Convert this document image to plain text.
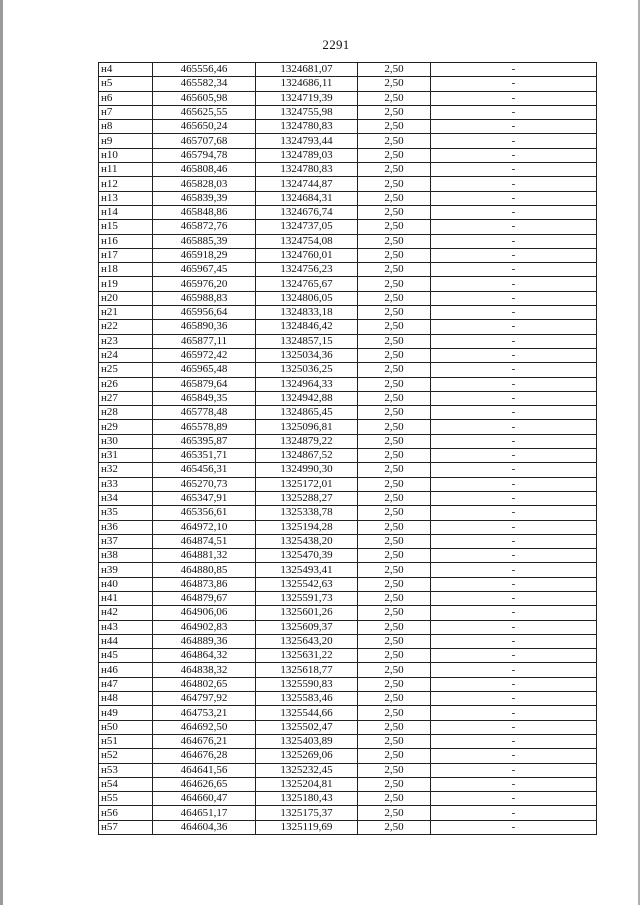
2291
н4	465556,46	1324681,07	2,50	-
н5	465582,34	1324686,11	2,50	-
н6	465605,98	1324719,39	2,50	-
н7	465625,55	1324755,98	2,50	-
н8	465650,24	1324780,83	2,50	-
н9	465707,68	1324793,44	2,50	-
н10	465794,78	1324789,03	2,50	-
н11	465808,46	1324780,83	2,50	-
н12	465828,03	1324744,87	2,50	-
н13	465839,39	1324684,31	2,50	-
н14	465848,86	1324676,74	2,50	-
н15	465872,76	1324737,05	2,50	-
н16	465885,39	1324754,08	2,50	-
н17	465918,29	1324760,01	2,50	-
н18	465967,45	1324756,23	2,50	-
н19	465976,20	1324765,67	2,50	-
н20	465988,83	1324806,05	2,50	-
н21	465956,64	1324833,18	2,50	-
н22	465890,36	1324846,42	2,50	-
н23	465877,11	1324857,15	2,50	-
н24	465972,42	1325034,36	2,50	-
н25	465965,48	1325036,25	2,50	-
н26	465879,64	1324964,33	2,50	-
н27	465849,35	1324942,88	2,50	-
н28	465778,48	1324865,45	2,50	-
н29	465578,89	1325096,81	2,50	-
н30	465395,87	1324879,22	2,50	-
н31	465351,71	1324867,52	2,50	-
н32	465456,31	1324990,30	2,50	-
н33	465270,73	1325172,01	2,50	-
н34	465347,91	1325288,27	2,50	-
н35	465356,61	1325338,78	2,50	-
н36	464972,10	1325194,28	2,50	-
н37	464874,51	1325438,20	2,50	-
н38	464881,32	1325470,39	2,50	-
н39	464880,85	1325493,41	2,50	-
н40	464873,86	1325542,63	2,50	-
н41	464879,67	1325591,73	2,50	-
н42	464906,06	1325601,26	2,50	-
н43	464902,83	1325609,37	2,50	-
н44	464889,36	1325643,20	2,50	-
н45	464864,32	1325631,22	2,50	-
н46	464838,32	1325618,77	2,50	-
н47	464802,65	1325590,83	2,50	-
н48	464797,92	1325583,46	2,50	-
н49	464753,21	1325544,66	2,50	-
н50	464692,50	1325502,47	2,50	-
н51	464676,21	1325403,89	2,50	-
н52	464676,28	1325269,06	2,50	-
н53	464641,56	1325232,45	2,50	-
н54	464626,65	1325204,81	2,50	-
н55	464660,47	1325180,43	2,50	-
н56	464651,17	1325175,37	2,50	-
н57	464604,36	1325119,69	2,50	-
